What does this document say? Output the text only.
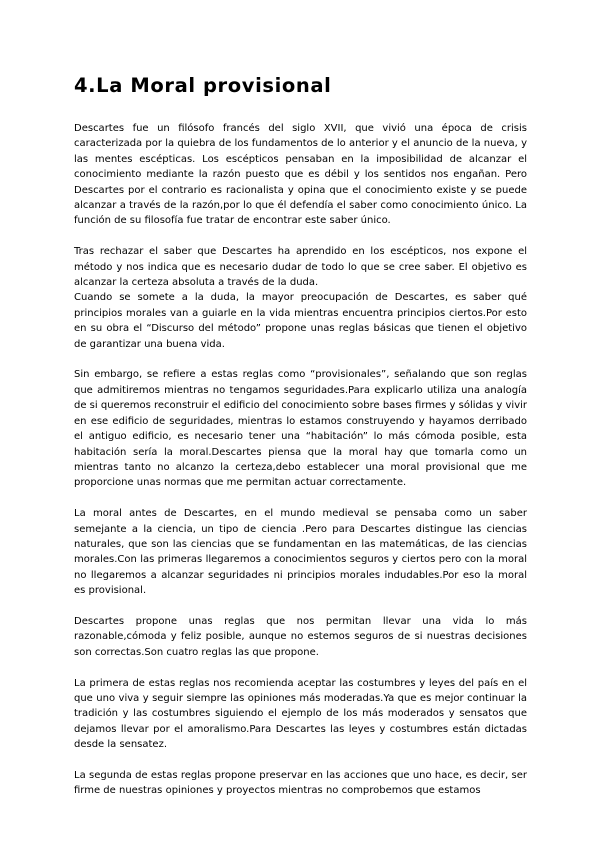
4.La Moral provisional

Descartes fue un filósofo francés del siglo XVII, que vivió una época de crisis caracterizada por la quiebra de los fundamentos de lo anterior y el anuncio de la nueva, y las mentes escépticas. Los escépticos pensaban en la imposibilidad de alcanzar el conocimiento mediante la razón puesto que es débil y los sentidos nos engañan. Pero Descartes por el contrario es racionalista y opina que el conocimiento existe y se puede alcanzar a través de la razón,por lo que él defendía el saber como conocimiento único. La función de su filosofía fue tratar de encontrar este saber único.

Tras rechazar el saber que Descartes ha aprendido en los escépticos, nos expone el método y nos indica que es necesario dudar de todo lo que se cree saber. El objetivo es alcanzar la certeza absoluta a través de la duda.

Cuando se somete a la duda, la mayor preocupación de Descartes, es saber qué principios morales van a guiarle en la vida mientras encuentra principios ciertos.Por esto en su obra el “Discurso del método” propone unas reglas básicas que tienen el objetivo de garantizar una buena vida.

Sin embargo, se refiere a estas reglas como “provisionales”, señalando que son reglas que admitiremos mientras no tengamos seguridades.Para explicarlo utiliza una analogía de si queremos reconstruir el edificio del conocimiento sobre bases firmes y sólidas y vivir en ese edificio de seguridades, mientras lo estamos construyendo y hayamos derribado el antiguo edificio, es necesario tener una “habitación” lo más cómoda posible, esta habitación sería la moral.Descartes piensa que la moral hay que tomarla como un mientras tanto no alcanzo la certeza,debo establecer una moral provisional que me proporcione unas normas que me permitan actuar correctamente.

La moral antes de Descartes, en el mundo medieval se pensaba como un saber semejante a la ciencia, un tipo de ciencia .Pero para Descartes distingue las ciencias naturales, que son las ciencias que se fundamentan en las matemáticas, de las ciencias morales.Con las primeras llegaremos a conocimientos seguros y ciertos pero con la moral no llegaremos a alcanzar seguridades ni principios morales indudables.Por eso la moral es provisional.

Descartes propone unas reglas que nos permitan llevar una vida lo más razonable,cómoda y feliz posible, aunque no estemos seguros de si nuestras decisiones son correctas.Son cuatro reglas las que propone.

La primera de estas reglas nos recomienda aceptar las costumbres y leyes del país en el que uno viva y seguir siempre las opiniones más moderadas.Ya que es mejor continuar la tradición y las costumbres siguiendo el ejemplo de los más moderados y sensatos que dejamos llevar por el amoralismo.Para Descartes las leyes y costumbres están dictadas desde la sensatez.

La segunda de estas reglas propone preservar en las acciones que uno hace, es decir, ser firme de nuestras opiniones y proyectos mientras no comprobemos que estamos
